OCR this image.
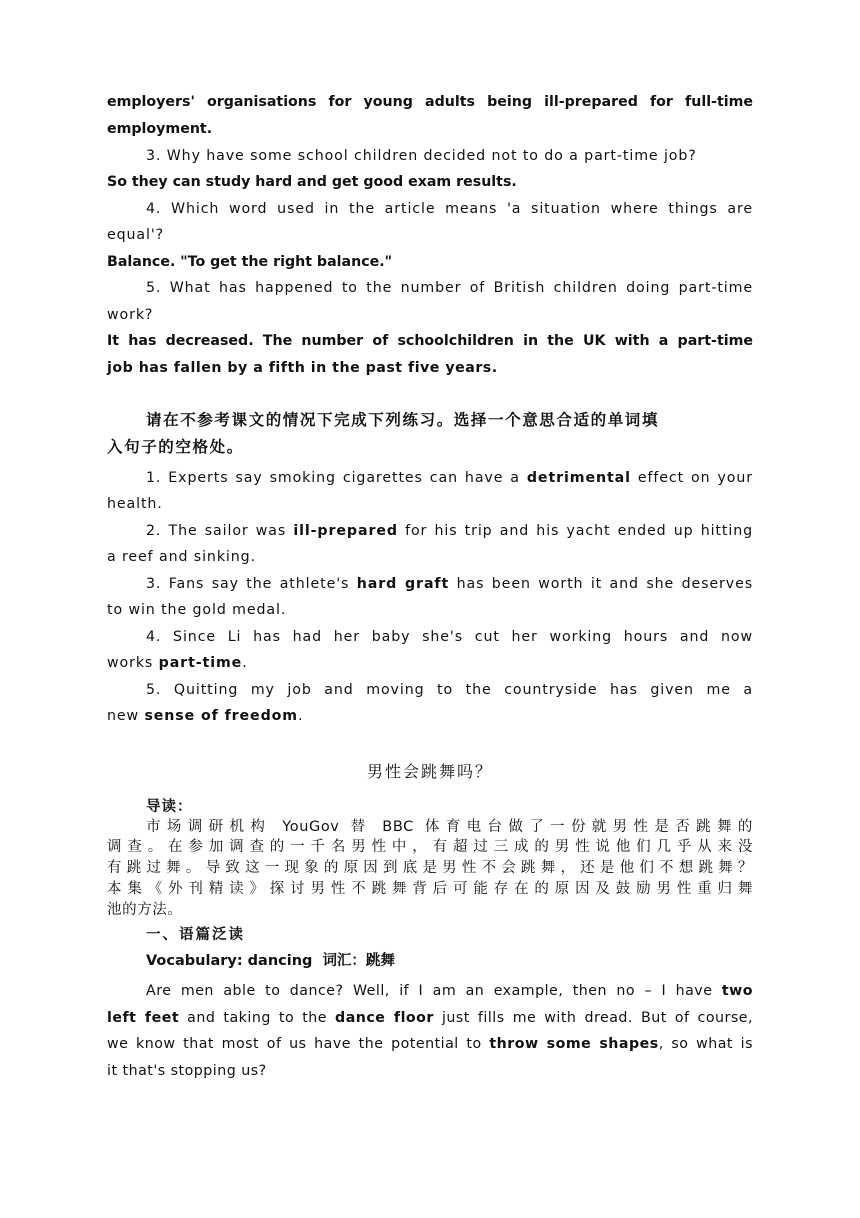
employers' organisations for young adults being ill-prepared for full-time
employment.
3. Why have some school children decided not to do a part-time job?
So they can study hard and get good exam results.
4. Which word used in the article means 'a situation where things are
equal'?
Balance. "To get the right balance."
5. What has happened to the number of British children doing part-time
work?
It has decreased. The number of schoolchildren in the UK with a part-time
job has fallen by a fifth in the past five years.
请在不参考课文的情况下完成下列练习。选择一个意思合适的单词填
入句子的空格处。
1. Experts say smoking cigarettes can have a detrimental effect on your
health.
2. The sailor was ill-prepared for his trip and his yacht ended up hitting
a reef and sinking.
3. Fans say the athlete's hard graft has been worth it and she deserves
to win the gold medal.
4. Since Li has had her baby she's cut her working hours and now
works part-time.
5. Quitting my job and moving to the countryside has given me a
new sense of freedom.
男性会跳舞吗？
导读：
市场调研机构 YouGov 替 BBC 体育电台做了一份就男性是否跳舞的
调查。在参加调查的一千名男性中，有超过三成的男性说他们几乎从来没
有跳过舞。导致这一现象的原因到底是男性不会跳舞，还是他们不想跳舞？
本集《外刊精读》探讨男性不跳舞背后可能存在的原因及鼓励男性重归舞
池的方法。
一、语篇泛读
Vocabulary: dancing 词汇：跳舞
Are men able to dance? Well, if I am an example, then no – I have two
left feet and taking to the dance floor just fills me with dread. But of course,
we know that most of us have the potential to throw some shapes, so what is
it that's stopping us?
